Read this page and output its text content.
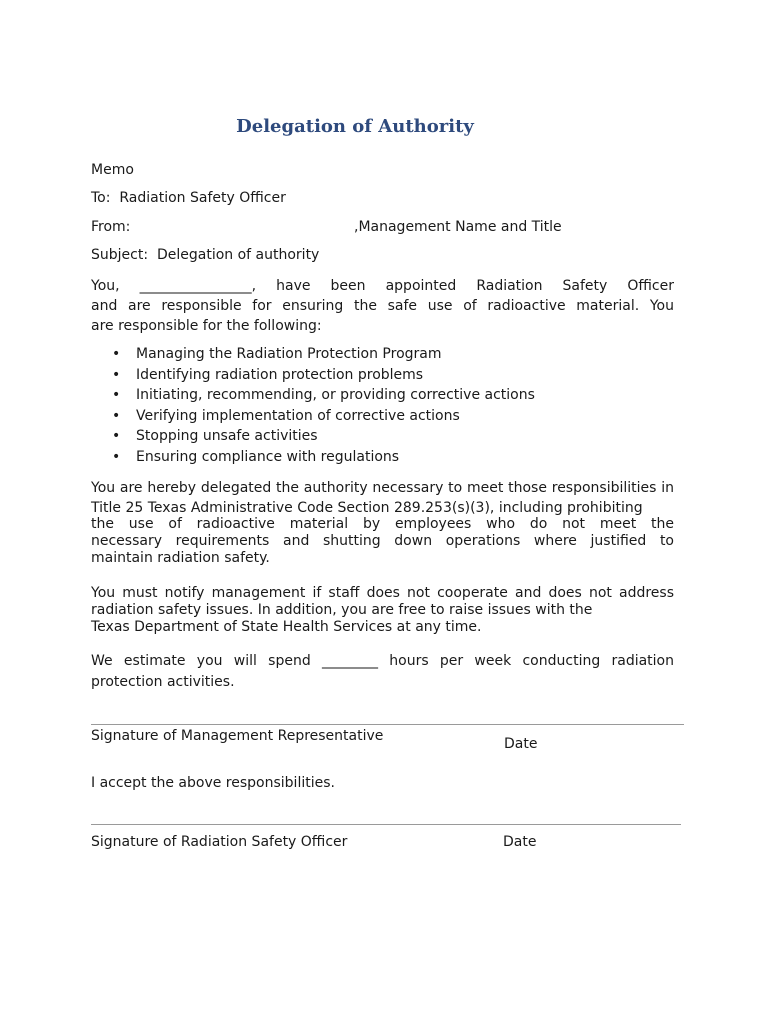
Delegation of Authority
Memo
To: Radiation Safety Officer
From:	,Management Name and Title
Subject: Delegation of authority
You, ________________, have been appointed Radiation Safety Officer
and are responsible for ensuring the safe use of radioactive material. You
are responsible for the following:
• Managing the Radiation Protection Program
• Identifying radiation protection problems
• Initiating, recommending, or providing corrective actions
• Verifying implementation of corrective actions
• Stopping unsafe activities
• Ensuring compliance with regulations
You are hereby delegated the authority necessary to meet those responsibilities in
Title 25 Texas Administrative Code Section 289.253(s)(3), including prohibiting
the use of radioactive material by employees who do not meet the
necessary requirements and shutting down operations where justified to
maintain radiation safety.
You must notify management if staff does not cooperate and does not address
radiation safety issues. In addition, you are free to raise issues with the
Texas Department of State Health Services at any time.
We estimate you will spend ________ hours per week conducting radiation
protection activities.
Signature of Management Representative	Date
I accept the above responsibilities.
Signature of Radiation Safety Officer	Date
